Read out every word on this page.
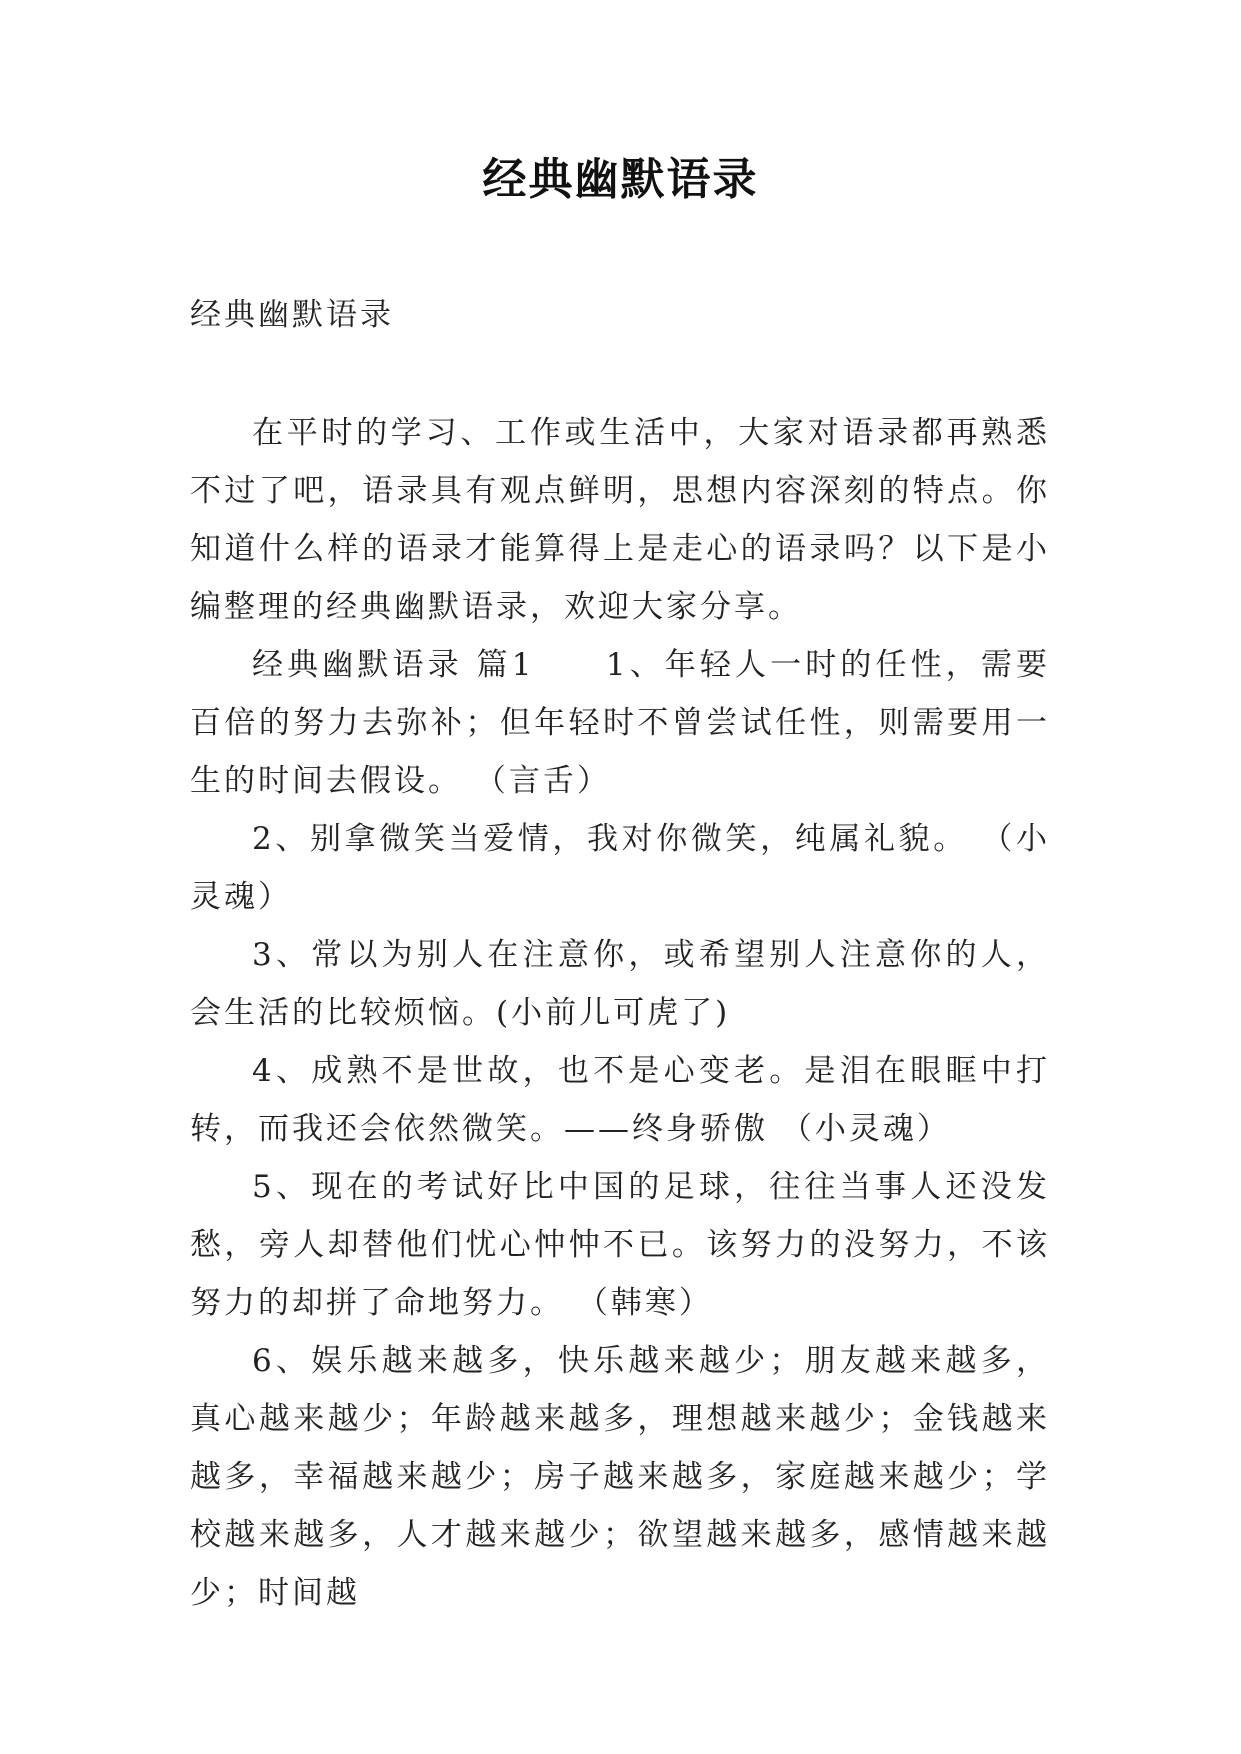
经典幽默语录

经典幽默语录

在平时的学习、工作或生活中，大家对语录都再熟悉不过了吧，语录具有观点鲜明，思想内容深刻的特点。你知道什么样的语录才能算得上是走心的语录吗？以下是小编整理的经典幽默语录，欢迎大家分享。

经典幽默语录 篇1　　1、年轻人一时的任性，需要百倍的努力去弥补；但年轻时不曾尝试任性，则需要用一生的时间去假设。 （言舌）

2、别拿微笑当爱情，我对你微笑，纯属礼貌。 （小灵魂）

3、常以为别人在注意你，或希望别人注意你的人，会生活的比较烦恼。(小前儿可虎了)

4、成熟不是世故，也不是心变老。是泪在眼眶中打转，而我还会依然微笑。——终身骄傲 （小灵魂）

5、现在的考试好比中国的足球，往往当事人还没发愁，旁人却替他们忧心忡忡不已。该努力的没努力，不该努力的却拼了命地努力。 （韩寒）

6、娱乐越来越多，快乐越来越少；朋友越来越多，真心越来越少；年龄越来越多，理想越来越少；金钱越来越多，幸福越来越少；房子越来越多，家庭越来越少；学校越来越多，人才越来越少；欲望越来越多，感情越来越少；时间越
